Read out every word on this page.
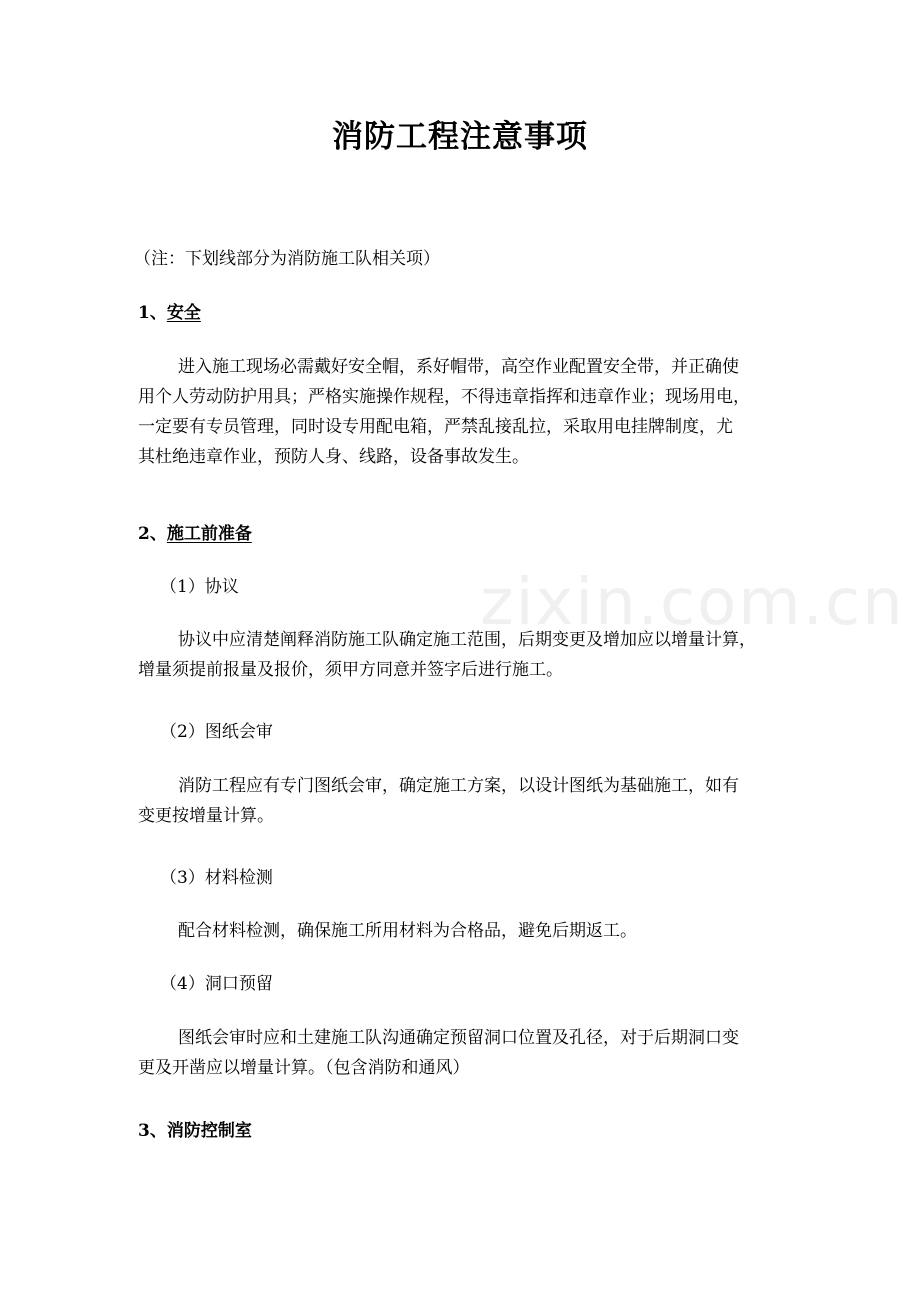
zixin.com.cn
消防工程注意事项
（注：下划线部分为消防施工队相关项）
1、安全
进入施工现场必需戴好安全帽，系好帽带，高空作业配置安全带，并正确使
用个人劳动防护用具；严格实施操作规程，不得违章指挥和违章作业；现场用电，
一定要有专员管理，同时设专用配电箱，严禁乱接乱拉，采取用电挂牌制度，尤
其杜绝违章作业，预防人身、线路，设备事故发生。
2、施工前准备
（1）协议
协议中应清楚阐释消防施工队确定施工范围，后期变更及增加应以增量计算，
增量须提前报量及报价，须甲方同意并签字后进行施工。
（2）图纸会审
消防工程应有专门图纸会审，确定施工方案，以设计图纸为基础施工，如有
变更按增量计算。
（3）材料检测
配合材料检测，确保施工所用材料为合格品，避免后期返工。
（4）洞口预留
图纸会审时应和土建施工队沟通确定预留洞口位置及孔径，对于后期洞口变
更及开凿应以增量计算。（包含消防和通风）
3、消防控制室
